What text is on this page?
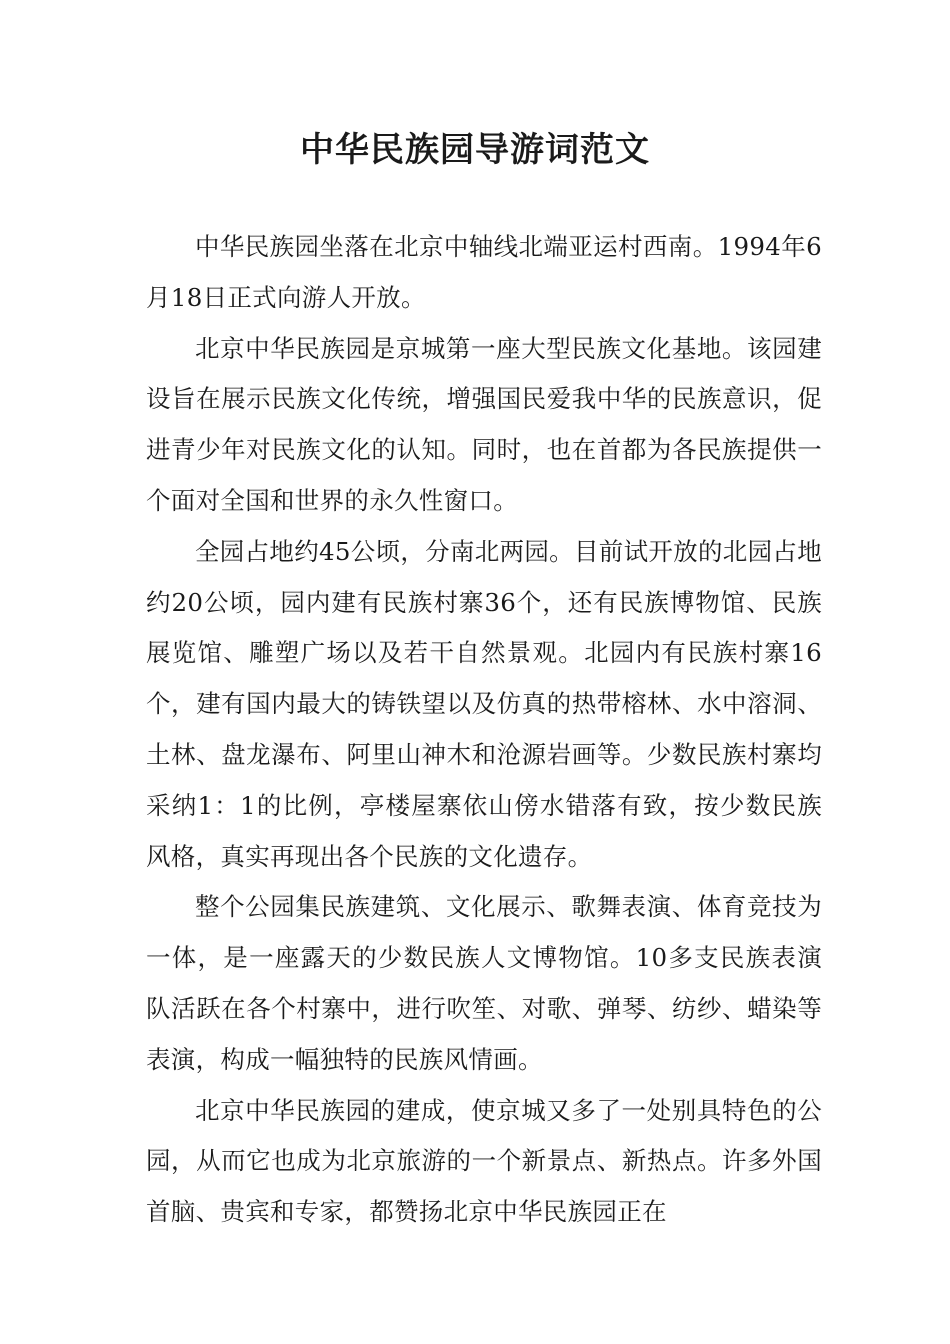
中华民族园导游词范文

中华民族园坐落在北京中轴线北端亚运村西南。1994年6月18日正式向游人开放。

北京中华民族园是京城第一座大型民族文化基地。该园建设旨在展示民族文化传统，增强国民爱我中华的民族意识，促进青少年对民族文化的认知。同时，也在首都为各民族提供一个面对全国和世界的永久性窗口。

全园占地约45公顷，分南北两园。目前试开放的北园占地约20公顷，园内建有民族村寨36个，还有民族博物馆、民族展览馆、雕塑广场以及若干自然景观。北园内有民族村寨16个，建有国内最大的铸铁望以及仿真的热带榕林、水中溶洞、土林、盘龙瀑布、阿里山神木和沧源岩画等。少数民族村寨均采纳1：1的比例，亭楼屋寨依山傍水错落有致，按少数民族风格，真实再现出各个民族的文化遗存。

整个公园集民族建筑、文化展示、歌舞表演、体育竞技为一体，是一座露天的少数民族人文博物馆。10多支民族表演队活跃在各个村寨中，进行吹笙、对歌、弹琴、纺纱、蜡染等表演，构成一幅独特的民族风情画。

北京中华民族园的建成，使京城又多了一处别具特色的公园，从而它也成为北京旅游的一个新景点、新热点。许多外国首脑、贵宾和专家，都赞扬北京中华民族园正在
